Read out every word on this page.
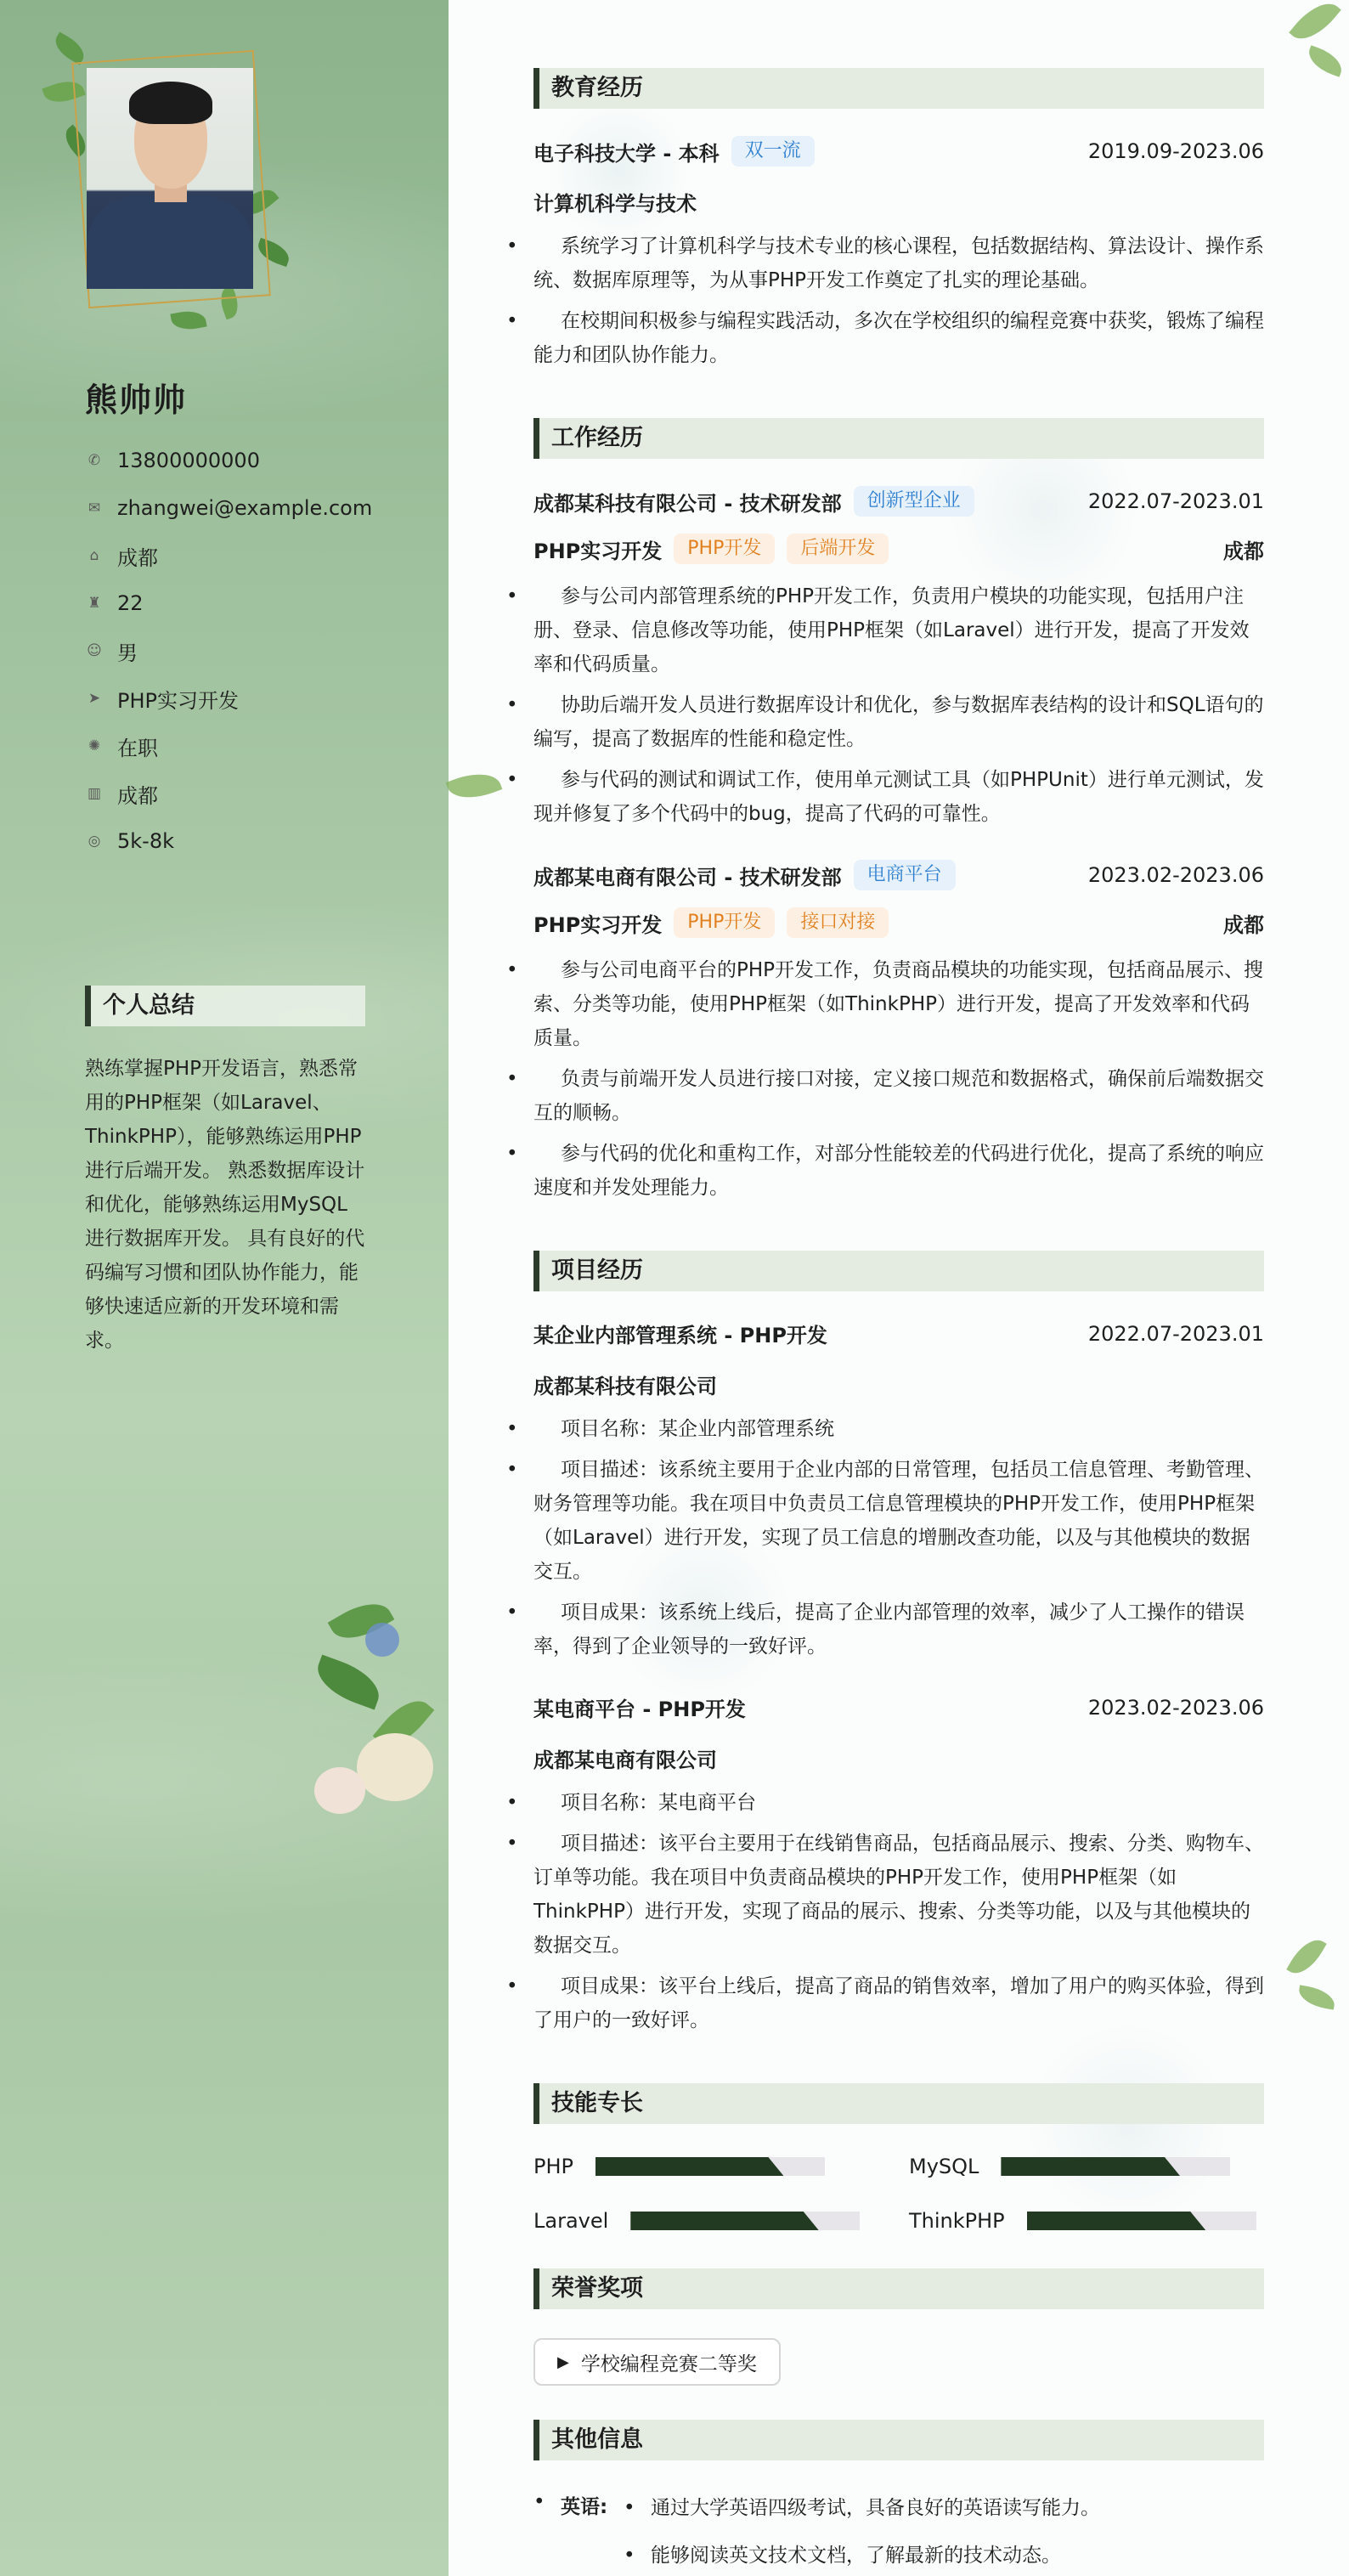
熊帅帅
✆ 13800000000
✉ zhangwei@example.com
⌂ 成都
♜ 22
☺ 男
➤ PHP实习开发
✺ 在职
▥ 成都
◎ 5k-8k
个人总结
熟练掌握PHP开发语言，熟悉常用的PHP框架（如Laravel、ThinkPHP），能够熟练运用PHP进行后端开发。 熟悉数据库设计和优化，能够熟练运用MySQL进行数据库开发。 具有良好的代码编写习惯和团队协作能力，能够快速适应新的开发环境和需求。
教育经历
电子科技大学 - 本科	双一流	2019.09-2023.06
计算机科学与技术
• 系统学习了计算机科学与技术专业的核心课程，包括数据结构、算法设计、操作系统、数据库原理等，为从事PHP开发工作奠定了扎实的理论基础。
• 在校期间积极参与编程实践活动，多次在学校组织的编程竞赛中获奖，锻炼了编程能力和团队协作能力。
工作经历
成都某科技有限公司 - 技术研发部	创新型企业	2022.07-2023.01
PHP实习开发	PHP开发	后端开发	成都
• 参与公司内部管理系统的PHP开发工作，负责用户模块的功能实现，包括用户注册、登录、信息修改等功能，使用PHP框架（如Laravel）进行开发，提高了开发效率和代码质量。
• 协助后端开发人员进行数据库设计和优化，参与数据库表结构的设计和SQL语句的编写，提高了数据库的性能和稳定性。
• 参与代码的测试和调试工作，使用单元测试工具（如PHPUnit）进行单元测试，发现并修复了多个代码中的bug，提高了代码的可靠性。
成都某电商有限公司 - 技术研发部	电商平台	2023.02-2023.06
PHP实习开发	PHP开发	接口对接	成都
• 参与公司电商平台的PHP开发工作，负责商品模块的功能实现，包括商品展示、搜索、分类等功能，使用PHP框架（如ThinkPHP）进行开发，提高了开发效率和代码质量。
• 负责与前端开发人员进行接口对接，定义接口规范和数据格式，确保前后端数据交互的顺畅。
• 参与代码的优化和重构工作，对部分性能较差的代码进行优化，提高了系统的响应速度和并发处理能力。
项目经历
某企业内部管理系统 - PHP开发	2022.07-2023.01
成都某科技有限公司
• 项目名称：某企业内部管理系统
• 项目描述：该系统主要用于企业内部的日常管理，包括员工信息管理、考勤管理、财务管理等功能。我在项目中负责员工信息管理模块的PHP开发工作，使用PHP框架（如Laravel）进行开发，实现了员工信息的增删改查功能，以及与其他模块的数据交互。
• 项目成果：该系统上线后，提高了企业内部管理的效率，减少了人工操作的错误率，得到了企业领导的一致好评。
某电商平台 - PHP开发	2023.02-2023.06
成都某电商有限公司
• 项目名称：某电商平台
• 项目描述：该平台主要用于在线销售商品，包括商品展示、搜索、分类、购物车、订单等功能。我在项目中负责商品模块的PHP开发工作，使用PHP框架（如ThinkPHP）进行开发，实现了商品的展示、搜索、分类等功能，以及与其他模块的数据交互。
• 项目成果：该平台上线后，提高了商品的销售效率，增加了用户的购买体验，得到了用户的一致好评。
技能专长
PHP	MySQL
Laravel	ThinkPHP
荣誉奖项
▶ 学校编程竞赛二等奖
其他信息
• 英语:
• 通过大学英语四级考试，具备良好的英语读写能力。
• 能够阅读英文技术文档，了解最新的技术动态。
